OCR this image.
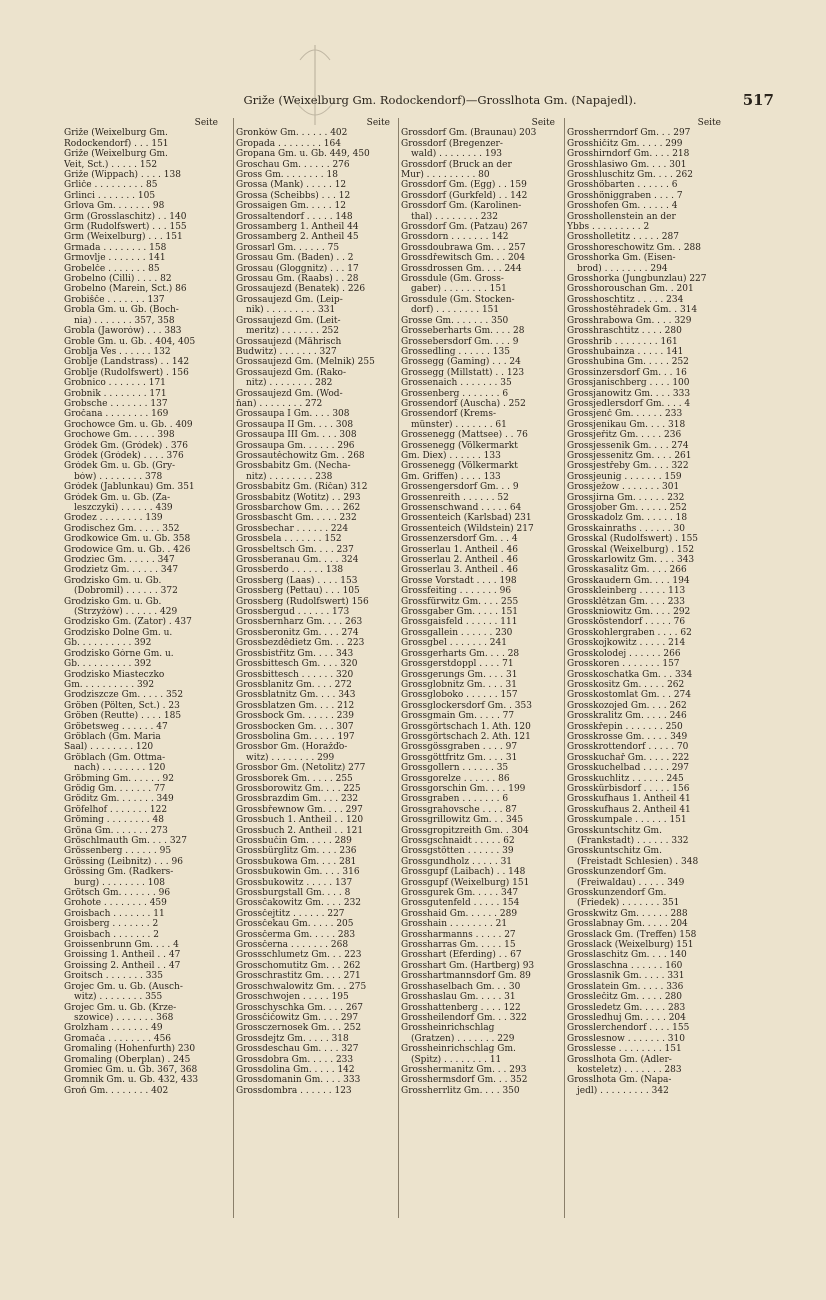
Griže (Weixelburg Gm. Rodockendorf)—Grosslhota Gm. (Napajedl).	517
Seite
Griže (Weixelburg Gm.
Rodockendorf) . . . 151
Griže (Weixelburg Gm.
Veit, Sct.) . . . . . 152
Griže (Wippach) . . . . 138
Grliče . . . . . . . . . 85
Grlinci . . . . . . . 105
Grlova Gm. . . . . . . 98
Grm (Grosslaschitz) . . 140
Grm (Rudolfswert) . . . 155
Grm (Weixelburg) . . . 151
Grmada . . . . . . . . 158
Grmovlje . . . . . . . 141
Grobelče . . . . . . . 85
Grobelno (Cilli) . . . . 82
Grobelno (Marein, Sct.) 86
Grobišče . . . . . . . 137
Grobla Gm. u. Gb. (Boch-
nia) . . . . . . . 357, 358
Grobla (Jaworów) . . . 383
Groble Gm. u. Gb. . 404, 405
Groblja Ves . . . . . . 132
Groblje (Landstrass) . . 142
Groblje (Rudolfswert) . 156
Grobnico . . . . . . . 171
Grobnik . . . . . . . . 171
Grobsche . . . . . . . 137
Gročana . . . . . . . . 169
Grochowce Gm. u. Gb. . 409
Grochowe Gm. . . . . 398
Gródek Gm. (Gródek) . 376
Gródek (Gródek) . . . . 376
Gródek Gm. u. Gb. (Gry-
bów) . . . . . . . . 378
Gródek (Jablunkau) Gm. 351
Gródek Gm. u. Gb. (Za-
leszczyki) . . . . . . 439
Grodez . . . . . . . . 139
Grodischez Gm. . . . . 352
Grodkowice Gm. u. Gb. 358
Grodowice Gm. u. Gb. . 426
Grodziec Gm. . . . . . 347
Grodzietz Gm. . . . . . 347
Grodzisko Gm. u. Gb.
(Dobromil) . . . . . . 372
Grodzisko Gm. u. Gb.
(Strzyżów) . . . . . . 429
Grodzisko Gm. (Zator) . 437
Grodzisko Dolne Gm. u.
Gb. . . . . . . . . . 392
Grodzisko Górne Gm. u.
Gb. . . . . . . . . . 392
Grodzisko Miasteczko
Gm. . . . . . . . . . 392
Grodziszcze Gm. . . . . 352
Gröben (Pölten, Sct.) . 23
Gröben (Reutte) . . . . 185
Gröbetsweg . . . . . . 47
Gröblach (Gm. Maria
Saal) . . . . . . . . 120
Gröblach (Gm. Ottma-
nach) . . . . . . . . 120
Gröbming Gm. . . . . . 92
Grödig Gm. . . . . . . 77
Gröditz Gm. . . . . . . 349
Gröfelhof . . . . . . . 122
Gröming . . . . . . . . 48
Gröna Gm. . . . . . . 273
Gröschlmauth Gm. . . . 327
Grössenberg . . . . . . 95
Grössing (Leibnitz) . . . 96
Grössing Gm. (Radkers-
burg) . . . . . . . . 108
Grötsch Gm. . . . . . . 96
Grohote . . . . . . . . 459
Groisbach . . . . . . . 11
Groisberg . . . . . . . 2
Groisbach . . . . . . . 2
Groissenbrunn Gm. . . . 4
Groissing 1. Antheil . . 47
Groissing 2. Antheil . . 47
Groitsch . . . . . . . 335
Grojec Gm. u. Gb. (Ausch-
witz) . . . . . . . . 355
Grojec Gm. u. Gb. (Krze-
szowice) . . . . . . . 368
Grolzham . . . . . . . 49
Gromača . . . . . . . . 456
Gromaling (Hohenfurth) 230
Gromaling (Oberplan) . 245
Gromiec Gm. u. Gb. 367, 368
Gromnik Gm. u. Gb. 432, 433
Groń Gm. . . . . . . . 402
Seite
Gronków Gm. . . . . . 402
Gropada . . . . . . . . 164
Gropana Gm. u. Gb. 449, 450
Groschau Gm. . . . . . 276
Gross Gm. . . . . . . . 18
Grossa (Mank) . . . . . 12
Grossa (Scheibbs) . . . 12
Grossaigen Gm. . . . . 12
Grossaltendorf . . . . . 148
Grossamberg 1. Antheil 44
Grossamberg 2. Antheil 45
Grossarl Gm. . . . . . 75
Grossau Gm. (Baden) . . 2
Grossau (Gloggnitz) . . . 17
Grossau Gm. (Raabs) . . 28
Grossaujezd (Benatek) . 226
Grossaujezd Gm. (Leip-
nik) . . . . . . . . . 331
Grossaujezd Gm. (Leit-
meritz) . . . . . . . 252
Grossaujezd (Mährisch
Budwitz) . . . . . . . 327
Grossaujezd Gm. (Melnik) 255
Grossaujezd Gm. (Rako-
nitz) . . . . . . . . 282
Grossaujezd Gm. (Wod-
ňan) . . . . . . . . 272
Grossaupa I Gm. . . . 308
Grossaupa II Gm. . . . 308
Grossaupa III Gm. . . . 308
Grossaupa Gm. . . . . . 296
Grossautěchowitz Gm. . 268
Grossbabitz Gm. (Necha-
nitz) . . . . . . . . 238
Grossbabitz Gm. (Říčan) 312
Grossbabitz (Wotitz) . . 293
Grossbarchow Gm. . . . 262
Grossbascht Gm. . . . . 232
Grossbechar . . . . . . 224
Grossbela . . . . . . . 152
Grossbeltsch Gm. . . . 237
Grossberanau Gm. . . . 324
Grossberdo . . . . . . 138
Grossberg (Laas) . . . . 153
Grossberg (Pettau) . . . 105
Grossberg (Rudolfswert) 156
Grossbergud . . . . . . 173
Grossbernharz Gm. . . . 263
Grossberonitz Gm. . . . 274
Grossbezdědietz Gm. . . 223
Grossbistřitz Gm. . . . 343
Grossbittesch Gm. . . . 320
Grossbittesch . . . . . . 320
Grossblanitz Gm. . . . 272
Grossblatnitz Gm. . . . 343
Grossblatzen Gm. . . . 212
Grossbock Gm. . . . . . 239
Grossbocken Gm. . . . 307
Grossbolina Gm. . . . . 197
Grossbor Gm. (Horažďo-
witz) . . . . . . . . 299
Grossbor Gm. (Netolitz) 277
Grossborek Gm. . . . . 255
Grossborowitz Gm. . . . 225
Grossbrazdim Gm. . . . 232
Grossbřewnow Gm. . . . 297
Grossbuch 1. Antheil . . 120
Grossbuch 2. Antheil . . 121
Grossbučin Gm. . . . . 289
Grossbürglitz Gm. . . . 236
Grossbukowa Gm. . . . 281
Grossbukowin Gm. . . . 316
Grossbukowitz . . . . . 137
Grossburgstall Gm. . . . 8
Grossčakowitz Gm. . . . 232
Grossčejtitz . . . . . . 227
Grossčekau Gm. . . . . 205
Grossčerma Gm. . . . . 283
Grossčerna . . . . . . . 268
Grossschlumetz Gm. . . 223
Grosschomutitz Gm. . . 262
Grosschrastitz Gm. . . . 271
Grosschwalowitz Gm. . . 275
Grosschwojen . . . . . 195
Grosschyschka Gm. . . . 267
Grossčičowitz Gm. . . . 297
Grossczernosek Gm. . . 252
Grossdejtz Gm. . . . . 318
Grossdeschau Gm. . . . 327
Grossdobra Gm. . . . . 233
Grossdolina Gm. . . . . 142
Grossdomanin Gm. . . . 333
Grossdombra . . . . . . 123
Seite
Grossdorf Gm. (Braunau) 203
Grossdorf (Bregenzer-
wald) . . . . . . . . 193
Grossdorf (Bruck an der
Mur) . . . . . . . . . 80
Grossdorf Gm. (Egg) . . 159
Grossdorf (Gurkfeld) . . 142
Grossdorf Gm. (Karolinen-
thal) . . . . . . . . 232
Grossdorf Gm. (Patzau) 267
Grossdorn . . . . . . . 142
Grossdoubrawa Gm. . . 257
Grossdřewitsch Gm. . . 204
Grossdrossen Gm. . . . 244
Grossdule (Gm. Gross-
gaber) . . . . . . . . 151
Grossdule (Gm. Stocken-
dorf) . . . . . . . . 151
Grosse Gm. . . . . . . 350
Grosseberharts Gm. . . . 28
Grossebersdorf Gm. . . . 9
Grossedling . . . . . . 135
Grossegg (Gaming) . . . 24
Grossegg (Millstatt) . . 123
Grossenaich . . . . . . . 35
Grossenberg . . . . . . . 6
Grossendorf (Auscha) . 252
Grossendorf (Krems-
münster) . . . . . . . 61
Grossenegg (Mattsee) . . 76
Grossenegg (Völkermarkt
Gm. Diex) . . . . . . 133
Grossenegg (Völkermarkt
Gm. Griffen) . . . . 133
Grossengersdorf Gm. . . 9
Grossenreith . . . . . . 52
Grossenschwand . . . . . 64
Grossenteich (Karlsbad) 231
Grossenteich (Wildstein) 217
Grossenzersdorf Gm. . . 4
Grosserlau 1. Antheil . 46
Grosserlau 2. Antheil . 46
Grosserlau 3. Antheil . 46
Grosse Vorstadt . . . . 198
Grossfeiting . . . . . . . 96
Grossfürwitz Gm. . . . 255
Grossgaber Gm. . . . . 151
Grossgaisfeld . . . . . . 111
Grossgallein . . . . . . 230
Grossgbel . . . . . . . 241
Grossgerharts Gm. . . . 28
Grossgerstdoppl . . . . 71
Grossgerungs Gm. . . . 31
Grossglobnitz Gm. . . . 31
Grossgloboko . . . . . . 157
Grossglockersdorf Gm. . 353
Grossgmain Gm. . . . . 77
Grossgörtschach 1. Ath. 120
Grossgörtschach 2. Ath. 121
Grossgössgraben . . . . 97
Grossgöttfritz Gm. . . . 31
Grossgollern . . . . . . 35
Grossgorelze . . . . . . 86
Grossgorschin Gm. . . . 199
Grossgraben . . . . . . . 6
Grossgrahovsche . . . . 87
Grossgrillowitz Gm. . . 345
Grossgropitzreith Gm. . 304
Grossgschnaidt . . . . . 62
Grossgstötten . . . . . . 39
Grossgundholz . . . . . 31
Grossgupf (Laibach) . . 148
Grossgupf (Weixelburg) 151
Grossgurek Gm. . . . . 347
Grossgutenfeld . . . . . 154
Grosshaid Gm. . . . . . 289
Grosshain . . . . . . . . 21
Grossharmanns . . . . . 27
Grossharras Gm. . . . . 15
Grosshart (Eferding) . . 67
Grosshart Gm. (Hartberg) 93
Grosshartmannsdorf Gm. 89
Grosshaselbach Gm. . . 30
Grosshaslau Gm. . . . . 31
Grosshattenberg . . . . 122
Grossheilendorf Gm. . . 322
Grossheinrichschlag
(Gratzen) . . . . . . . 229
Grossheinrichschlag Gm.
(Spitz) . . . . . . . . 11
Grosshermanitz Gm. . . 293
Grosshermsdorf Gm. . . 352
Grossherrlitz Gm. . . . 350
Seite
Grossherrndorf Gm. . . 297
Grosshičitz Gm. . . . . 299
Grosshirndorf Gm. . . . 218
Grosshlasiwo Gm. . . . 301
Grosshluschitz Gm. . . . 262
Grosshöbarten . . . . . . 6
Grosshöniggraben . . . . 7
Grosshofen Gm. . . . . . 4
Grosshollenstein an der
Ybbs . . . . . . . . . 2
Grossholletitz . . . . . 287
Grosshoreschowitz Gm. . 288
Grosshorka Gm. (Eisen-
brod) . . . . . . . . 294
Grosshorka (Jungbunzlau) 227
Grosshorouschan Gm. . 201
Grosshoschtitz . . . . . 234
Grosshostěhradek Gm. . 314
Grosshrabowa Gm. . . . 329
Grosshraschtitz . . . . 280
Grosshrib . . . . . . . . 161
Grosshubainza . . . . . 141
Grosshubina Gm. . . . . 252
Grossinzersdorf Gm. . . 16
Grossjanischberg . . . . 100
Grossjanowitz Gm. . . . 333
Grossjedlersdorf Gm. . . . 4
Grossjenč Gm. . . . . . 233
Grossjenikau Gm. . . . 318
Grossjeřitz Gm. . . . . 236
Grossjessenik Gm. . . . 274
Grossjessenitz Gm. . . . 261
Grossjestřeby Gm. . . . 322
Grossjeunig . . . . . . . 159
Grossježow . . . . . . . 301
Grossjirna Gm. . . . . . 232
Grossjober Gm. . . . . . 252
Grosskadolz Gm. . . . . . 18
Grosskainraths . . . . . . 30
Grosskal (Rudolfswert) . 155
Grosskal (Weixelburg) . 152
Grosskarlowitz Gm. . . . 343
Grosskasalitz Gm. . . . 266
Grosskaudern Gm. . . . 194
Grosskleinberg . . . . . 113
Grossklětzan Gm. . . . 233
Grosskniowitz Gm. . . . 292
Grosskö́stendorf . . . . . 76
Grosskohlergraben . . . . 62
Grosskojkowitz . . . . . 214
Grosskolodej . . . . . . 266
Grosskoren . . . . . . . 157
Grosskoschatka Gm. . . 334
Grosskositz Gm. . . . . 262
Grosskostomlat Gm. . . 274
Grosskozojed Gm. . . . 262
Grosskralitz Gm. . . . . 246
Grosskřepin . . . . . . . 250
Grosskrosse Gm. . . . . 349
Grosskrottendorf . . . . . 70
Grosskuchař Gm. . . . . 222
Grosskuchelbad . . . . . 297
Grosskuchlitz . . . . . . 245
Grosskürbisdorf . . . . . 156
Grosskufhaus 1. Antheil 41
Grosskufhaus 2. Antheil 41
Grosskumpale . . . . . . 151
Grosskuntschitz Gm.
(Frankstadt) . . . . . . 332
Grosskuntschitz Gm.
(Freistadt Schlesien) . 348
Grosskunzendorf Gm.
(Freiwaldau) . . . . . 349
Grosskunzendorf Gm.
(Friedek) . . . . . . . 351
Grosskwitz Gm. . . . . . 288
Grosslabnay Gm. . . . . 204
Grosslack Gm. (Treffen) 158
Grosslack (Weixelburg) 151
Grosslaschitz Gm. . . . 140
Grosslaschna . . . . . . 160
Grosslasnik Gm. . . . . 331
Grosslatein Gm. . . . . 336
Grosslečitz Gm. . . . . 280
Grossledetz Gm. . . . . 283
Grossledhuj Gm. . . . . 204
Grosslerchendorf . . . . 155
Grosslesnow . . . . . . . 310
Grosslesse . . . . . . . . 151
Grosslhota Gm. (Adler-
kosteletz) . . . . . . . 283
Grosslhota Gm. (Napa-
jedl) . . . . . . . . . 342
